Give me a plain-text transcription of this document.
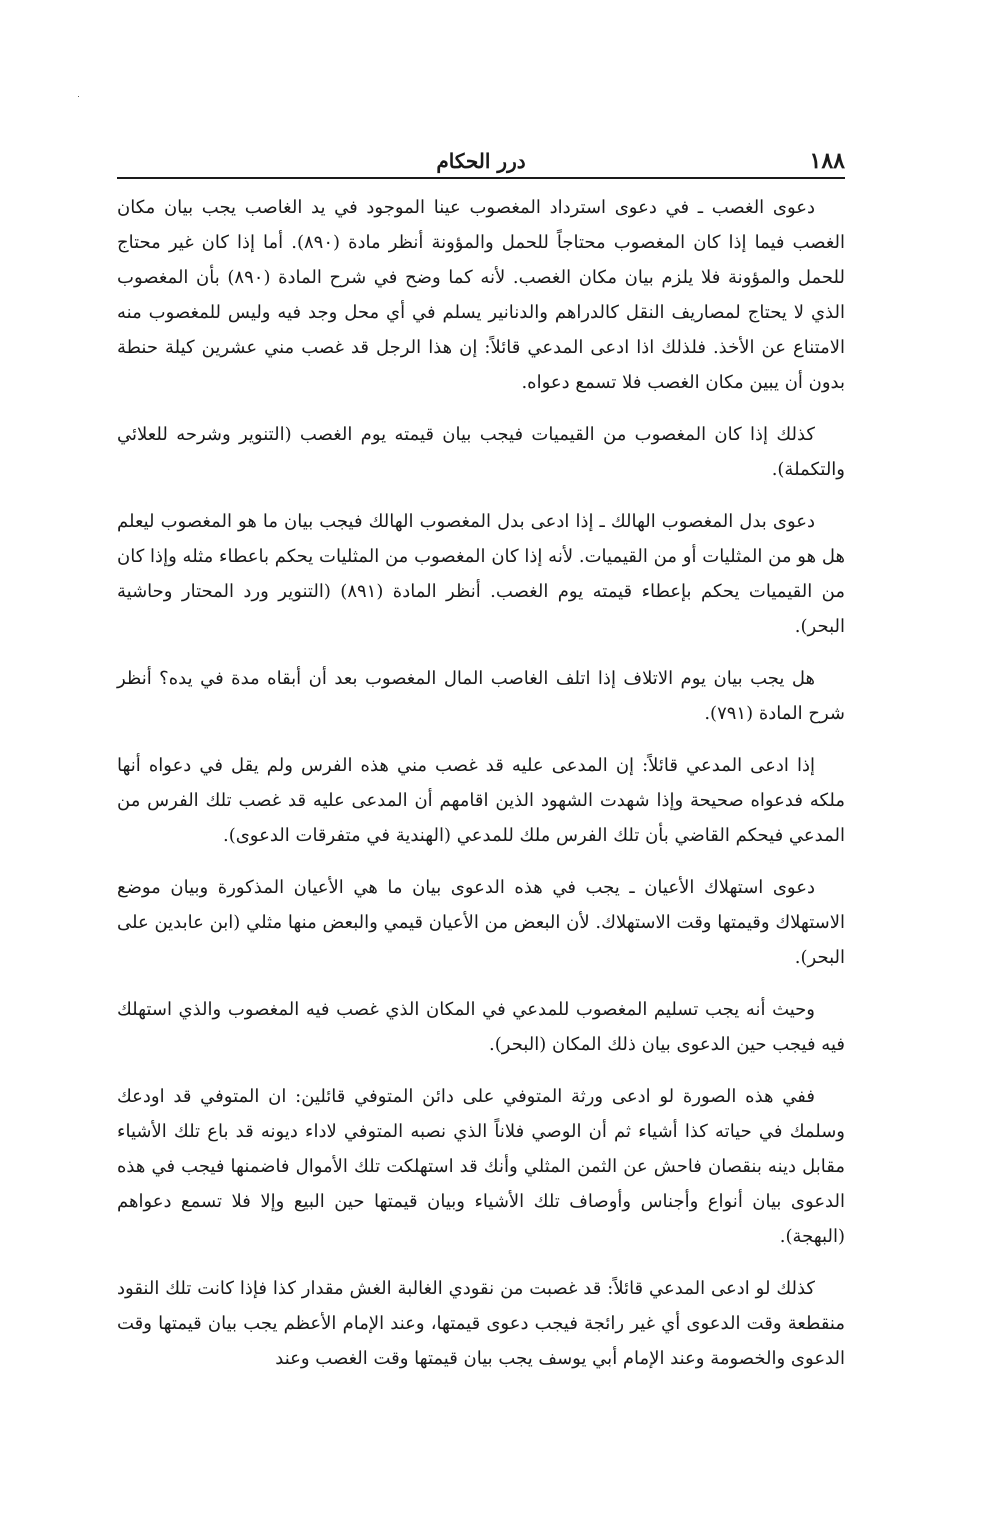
١٨٨
درر الحكام

دعوى الغصب ـ في دعوى استرداد المغصوب عينا الموجود في يد الغاصب يجب بيان مكان الغصب فيما إذا كان المغصوب محتاجاً للحمل والمؤونة أنظر مادة (٨٩٠). أما إذا كان غير محتاج للحمل والمؤونة فلا يلزم بيان مكان الغصب. لأنه كما وضح في شرح المادة (٨٩٠) بأن المغصوب الذي لا يحتاج لمصاريف النقل كالدراهم والدنانير يسلم في أي محل وجد فيه وليس للمغصوب منه الامتناع عن الأخذ. فلذلك اذا ادعى المدعي قائلاً: إن هذا الرجل قد غصب مني عشرين كيلة حنطة بدون أن يبين مكان الغصب فلا تسمع دعواه.

كذلك إذا كان المغصوب من القيميات فيجب بيان قيمته يوم الغصب (التنوير وشرحه للعلائي والتكملة).

دعوى بدل المغصوب الهالك ـ إذا ادعى بدل المغصوب الهالك فيجب بيان ما هو المغصوب ليعلم هل هو من المثليات أو من القيميات. لأنه إذا كان المغصوب من المثليات يحكم باعطاء مثله وإذا كان من القيميات يحكم بإعطاء قيمته يوم الغصب. أنظر المادة (٨٩١) (التنوير ورد المحتار وحاشية البحر).

هل يجب بيان يوم الاتلاف إذا اتلف الغاصب المال المغصوب بعد أن أبقاه مدة في يده؟ أنظر شرح المادة (٧٩١).

إذا ادعى المدعي قائلاً: إن المدعى عليه قد غصب مني هذه الفرس ولم يقل في دعواه أنها ملكه فدعواه صحيحة وإذا شهدت الشهود الذين اقامهم أن المدعى عليه قد غصب تلك الفرس من المدعي فيحكم القاضي بأن تلك الفرس ملك للمدعي (الهندية في متفرقات الدعوى).

دعوى استهلاك الأعيان ـ يجب في هذه الدعوى بيان ما هي الأعيان المذكورة وبيان موضع الاستهلاك وقيمتها وقت الاستهلاك. لأن البعض من الأعيان قيمي والبعض منها مثلي (ابن عابدين على البحر).

وحيث أنه يجب تسليم المغصوب للمدعي في المكان الذي غصب فيه المغصوب والذي استهلك فيه فيجب حين الدعوى بيان ذلك المكان (البحر).

ففي هذه الصورة لو ادعى ورثة المتوفي على دائن المتوفي قائلين: ان المتوفي قد اودعك وسلمك في حياته كذا أشياء ثم أن الوصي فلاناً الذي نصبه المتوفي لاداء ديونه قد باع تلك الأشياء مقابل دينه بنقصان فاحش عن الثمن المثلي وأنك قد استهلكت تلك الأموال فاضمنها فيجب في هذه الدعوى بيان أنواع وأجناس وأوصاف تلك الأشياء وبيان قيمتها حين البيع وإلا فلا تسمع دعواهم (البهجة).

كذلك لو ادعى المدعي قائلاً: قد غصبت من نقودي الغالبة الغش مقدار كذا فإذا كانت تلك النقود منقطعة وقت الدعوى أي غير رائجة فيجب دعوى قيمتها، وعند الإمام الأعظم يجب بيان قيمتها وقت الدعوى والخصومة وعند الإمام أبي يوسف يجب بيان قيمتها وقت الغصب وعند
